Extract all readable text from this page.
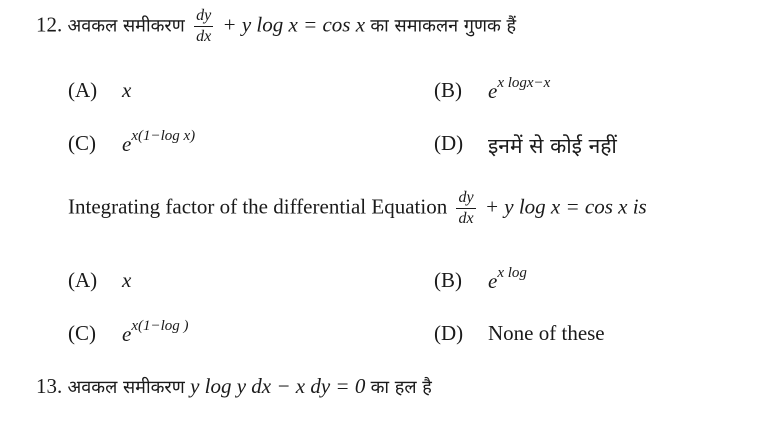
12. अवकल समीकरण $\frac{dy}{dx} + y$ log x = cos x का समाकलन गुणक हैं
(A) x	(B) $e^{x logx-x}$
(C) $e^{x(1-log x)}$	(D) इनमें से कोई नहीं
Integrating factor of the differential Equation $\frac{dy}{dx} + y$ log x = cos x is
(A) x	(B) $e^{x log}$
(C) $e^{x(1-log )}$	(D) None of these
13. अवकल समीकरण y log y dx − x dy = 0 का हल है
